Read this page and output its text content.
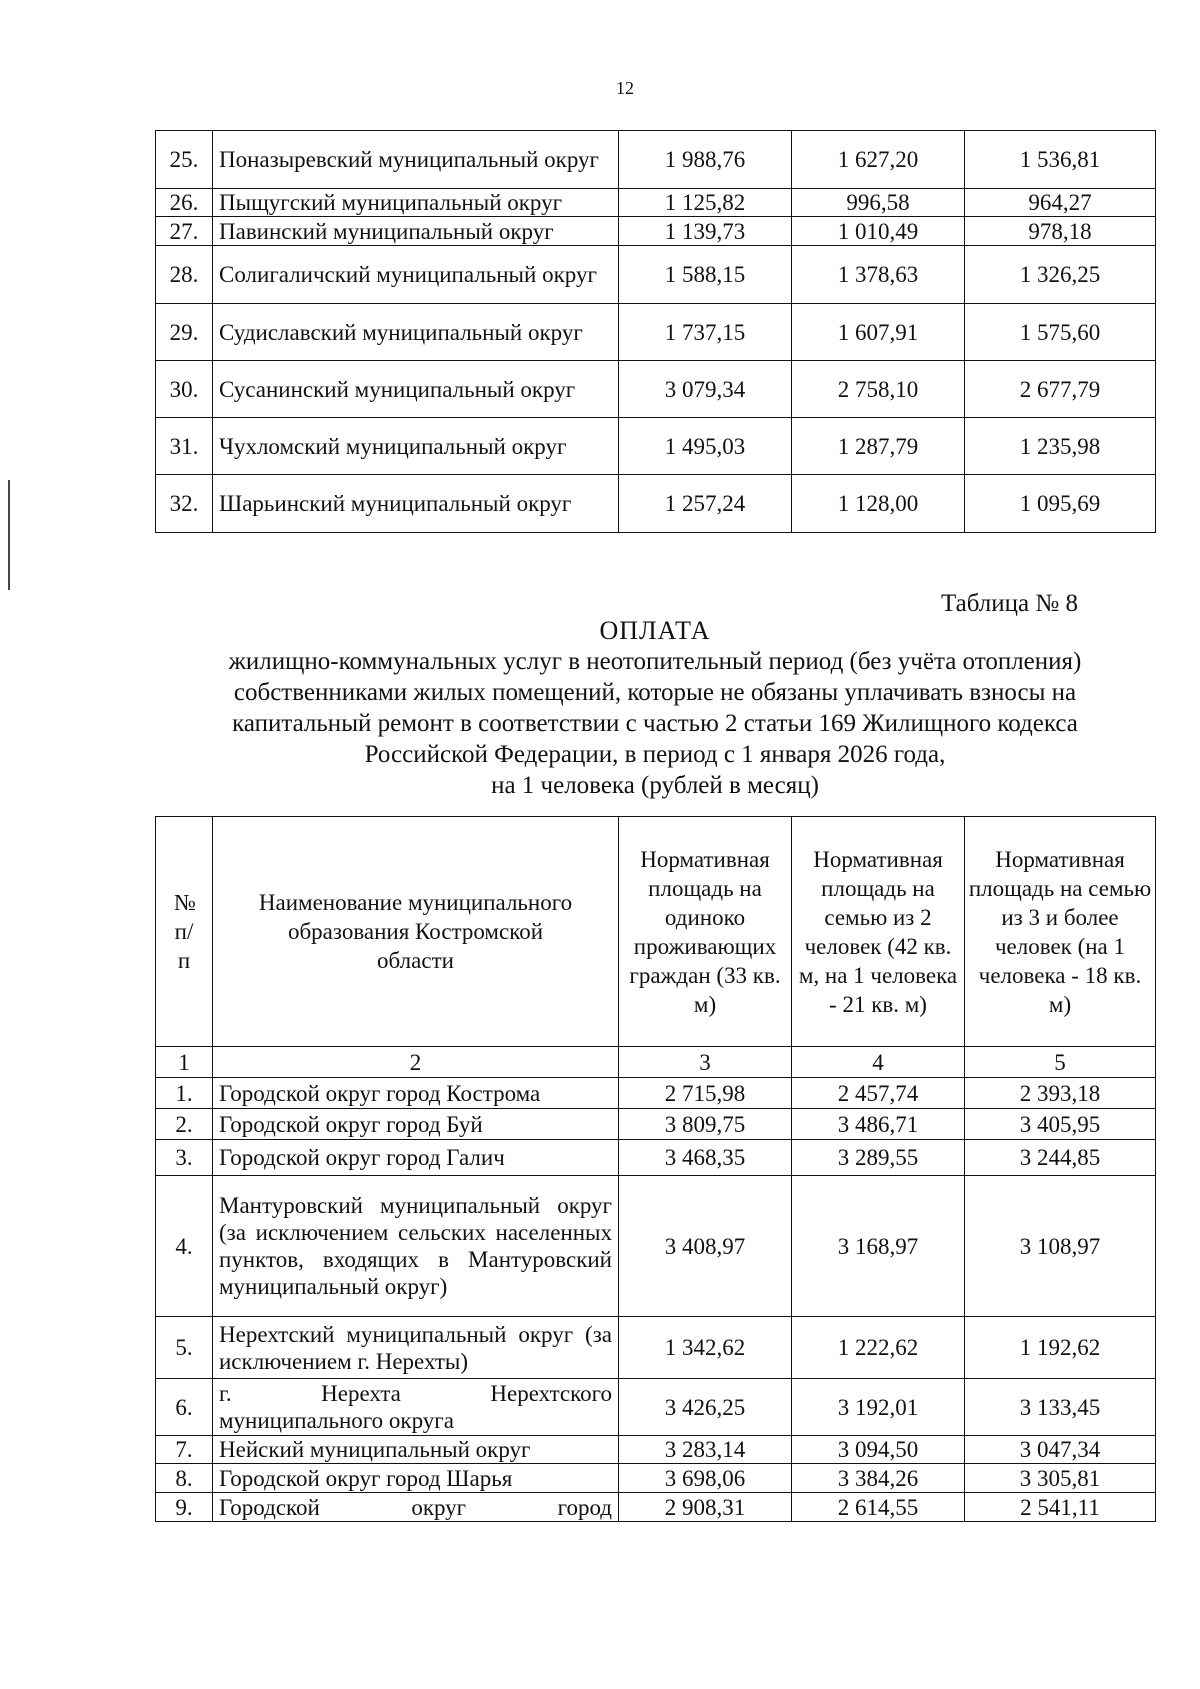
12
25.	Поназыревский муниципальный округ	1 988,76	1 627,20	1 536,81
26.	Пыщугский муниципальный округ	1 125,82	996,58	964,27
27.	Павинский муниципальный округ	1 139,73	1 010,49	978,18
28.	Солигаличский муниципальный округ	1 588,15	1 378,63	1 326,25
29.	Судиславский муниципальный округ	1 737,15	1 607,91	1 575,60
30.	Сусанинский муниципальный округ	3 079,34	2 758,10	2 677,79
31.	Чухломский муниципальный округ	1 495,03	1 287,79	1 235,98
32.	Шарьинский муниципальный округ	1 257,24	1 128,00	1 095,69
Таблица № 8
ОПЛАТА
жилищно-коммунальных услуг в неотопительный период (без учёта отопления)
собственниками жилых помещений, которые не обязаны уплачивать взносы на
капитальный ремонт в соответствии с частью 2 статьи 169 Жилищного кодекса
Российской Федерации, в период с 1 января 2026 года,
на 1 человека (рублей в месяц)
№ п/ п	Наименование муниципального образования Костромской области	Нормативная площадь на одиноко проживающих граждан (33 кв. м)	Нормативная площадь на семью из 2 человек (42 кв. м, на 1 человека - 21 кв. м)	Нормативная площадь на семью из 3 и более человек (на 1 человека - 18 кв. м)
1	2	3	4	5
1.	Городской округ город Кострома	2 715,98	2 457,74	2 393,18
2.	Городской округ город Буй	3 809,75	3 486,71	3 405,95
3.	Городской округ город Галич	3 468,35	3 289,55	3 244,85
4.	Мантуровский муниципальный округ (за исключением сельских населенных пунктов, входящих в Мантуровский муниципальный округ)	3 408,97	3 168,97	3 108,97
5.	Нерехтский муниципальный округ (за исключением г. Нерехты)	1 342,62	1 222,62	1 192,62
6.	г. Нерехта Нерехтского муниципального округа	3 426,25	3 192,01	3 133,45
7.	Нейский муниципальный округ	3 283,14	3 094,50	3 047,34
8.	Городской округ город Шарья	3 698,06	3 384,26	3 305,81
9.	Городской округ город	2 908,31	2 614,55	2 541,11
